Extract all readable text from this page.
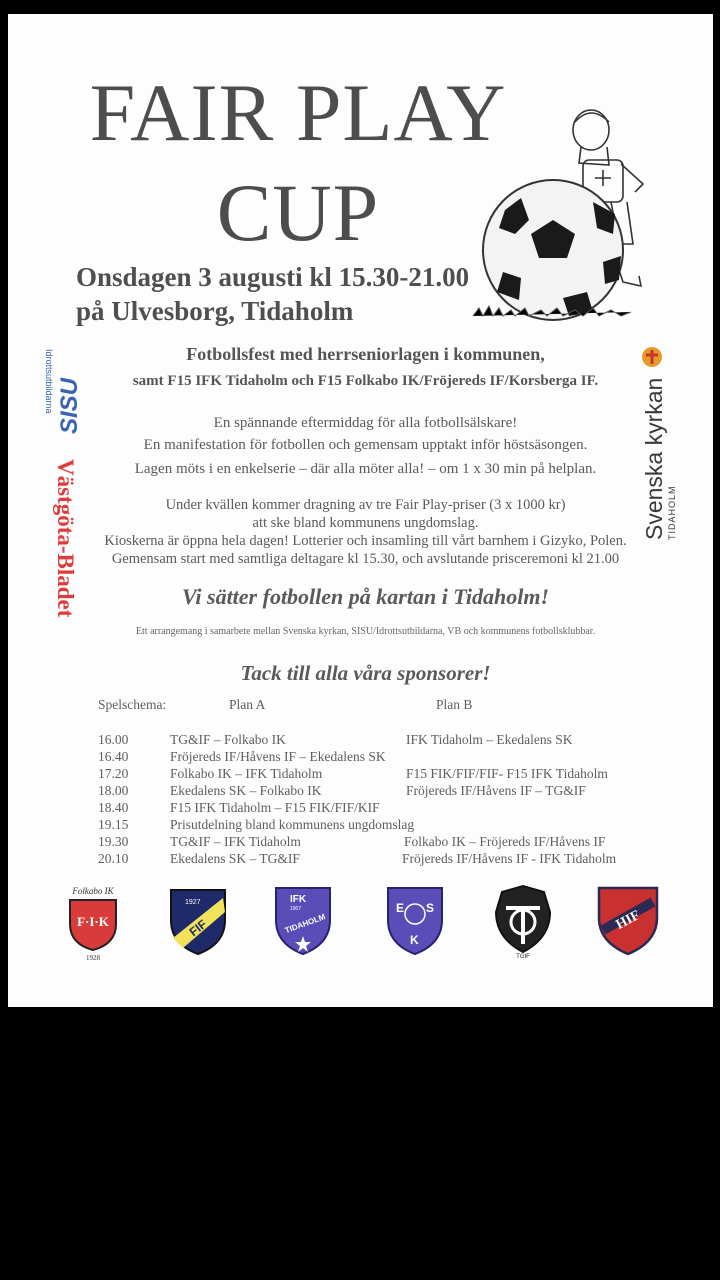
FAIR PLAY
CUP
Onsdagen 3 augusti kl 15.30-21.00
på Ulvesborg, Tidaholm
SISU
Idrottsutbildarna
Västgöta-Bladet	Svenska kyrkan TIDAHOLM
Fotbollsfest med herrseniorlagen i kommunen,
samt F15 IFK Tidaholm och F15 Folkabo IK/Fröjereds IF/Korsberga IF.
En spännande eftermiddag för alla fotbollsälskare!
En manifestation för fotbollen och gemensam upptakt inför höstsäsongen.
Lagen möts i en enkelserie – där alla möter alla! – om 1 x 30 min på helplan.
Under kvällen kommer dragning av tre Fair Play-priser (3 x 1000 kr)
att ske bland kommunens ungdomslag.
Kioskerna är öppna hela dagen! Lotterier och insamling till vårt barnhem i Gizyko, Polen.
Gemensam start med samtliga deltagare kl 15.30, och avslutande prisceremoni kl 21.00
Vi sätter fotbollen på kartan i Tidaholm!
Ett arrangemang i samarbete mellan Svenska kyrkan, SISU/Idrottsutbildarna, VB och kommunens fotbollsklubbar.
Tack till alla våra sponsorer!
Spelschema:	Plan A	Plan B
16.00	TG&IF – Folkabo IK	IFK Tidaholm – Ekedalens SK
16.40	Fröjereds IF/Håvens IF – Ekedalens SK
17.20	Folkabo IK – IFK Tidaholm	F15 FIK/FIF/FIF- F15 IFK Tidaholm
18.00	Ekedalens SK – Folkabo IK	Fröjereds IF/Håvens IF – TG&IF
18.40	F15 IFK Tidaholm – F15 FIK/FIF/KIF
19.15	Prisutdelning bland kommunens ungdomslag
19.30	TG&IF – IFK Tidaholm	Folkabo IK – Fröjereds IF/Håvens IF
20.10	Ekedalens SK – TG&IF	Fröjereds IF/Håvens IF - IFK Tidaholm
Folkabo IK
F·I·K
1928
1927
FIF
IFK
1907
TIDAHOLM
E S
K
TGIF
HIF
